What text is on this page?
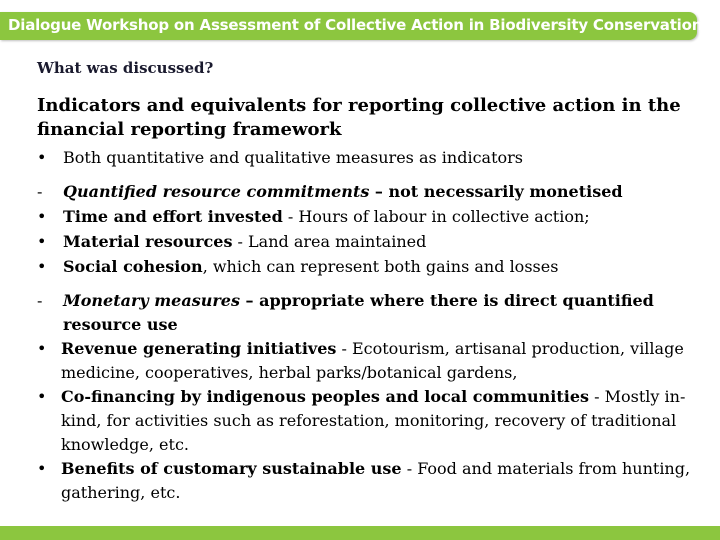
Dialogue Workshop on Assessment of Collective Action in Biodiversity Conservation
What was discussed?
Indicators and equivalents for reporting collective action in the financial reporting framework
• Both quantitative and qualitative measures as indicators
- Quantified resource commitments – not necessarily monetised
• Time and effort invested - Hours of labour in collective action;
• Material resources - Land area maintained
• Social cohesion, which can represent both gains and losses
-	Monetary measures – appropriate where there is direct quantified resource use
• Revenue generating initiatives - Ecotourism, artisanal production, village medicine, cooperatives, herbal parks/botanical gardens,
• Co-financing by indigenous peoples and local communities - Mostly in-kind, for activities such as reforestation, monitoring, recovery of traditional knowledge, etc.
• Benefits of customary sustainable use - Food and materials from hunting, gathering, etc.
